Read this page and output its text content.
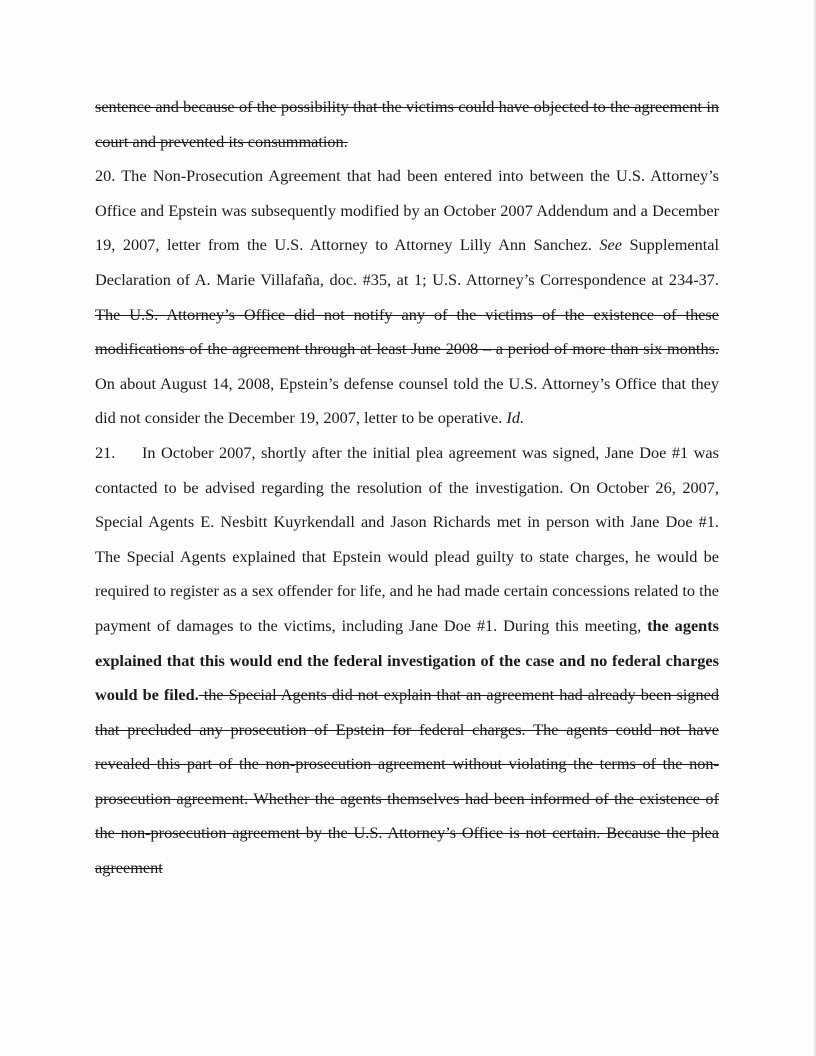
sentence and because of the possibility that the victims could have objected to the agreement in court and prevented its consummation.

20. The Non-Prosecution Agreement that had been entered into between the U.S. Attorney’s Office and Epstein was subsequently modified by an October 2007 Addendum and a December 19, 2007, letter from the U.S. Attorney to Attorney Lilly Ann Sanchez. See Supplemental Declaration of A. Marie Villafaña, doc. #35, at 1; U.S. Attorney’s Correspondence at 234-37. The U.S. Attorney’s Office did not notify any of the victims of the existence of these modifications of the agreement through at least June 2008 – a period of more than six months. On about August 14, 2008, Epstein’s defense counsel told the U.S. Attorney’s Office that they did not consider the December 19, 2007, letter to be operative. Id.

21. In October 2007, shortly after the initial plea agreement was signed, Jane Doe #1 was contacted to be advised regarding the resolution of the investigation. On October 26, 2007, Special Agents E. Nesbitt Kuyrkendall and Jason Richards met in person with Jane Doe #1. The Special Agents explained that Epstein would plead guilty to state charges, he would be required to register as a sex offender for life, and he had made certain concessions related to the payment of damages to the victims, including Jane Doe #1. During this meeting, the agents explained that this would end the federal investigation of the case and no federal charges would be filed. the Special Agents did not explain that an agreement had already been signed that precluded any prosecution of Epstein for federal charges. The agents could not have revealed this part of the non-prosecution agreement without violating the terms of the non-prosecution agreement. Whether the agents themselves had been informed of the existence of the non-prosecution agreement by the U.S. Attorney’s Office is not certain. Because the plea agreement
